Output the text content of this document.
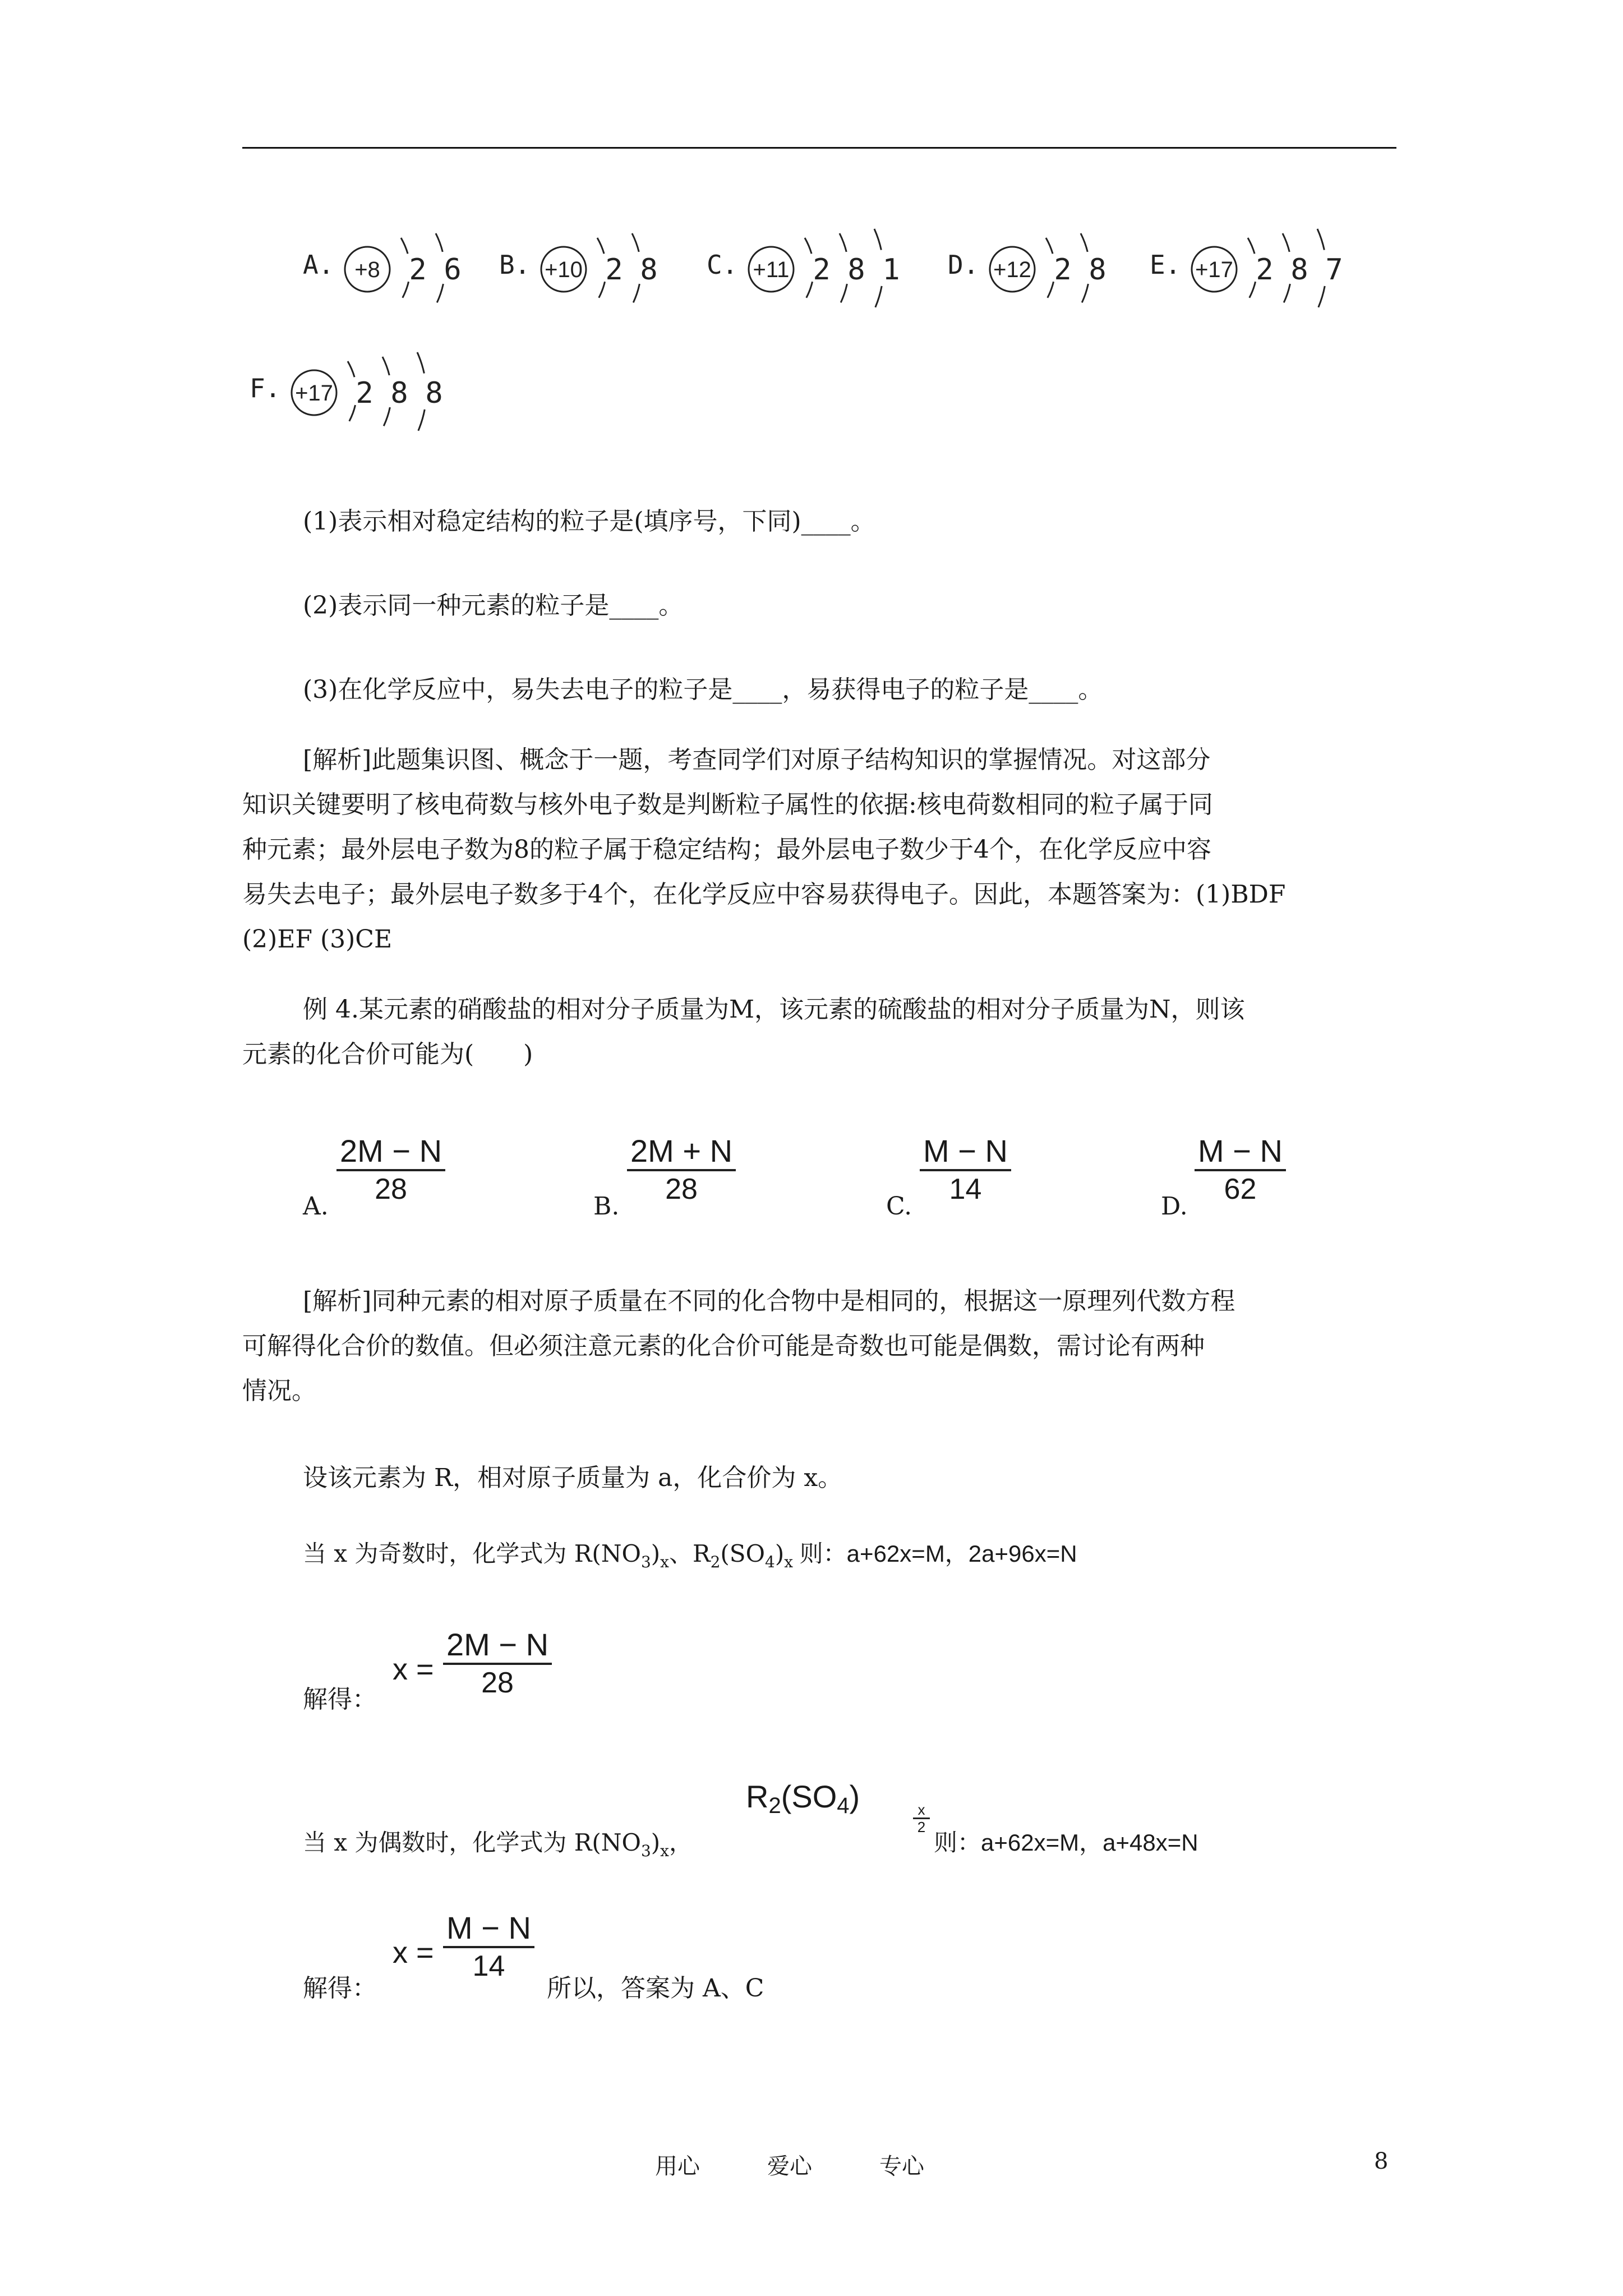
A. +8 2 6 B. +10 2 8 C. +11 2 8 1 D. +12 2 8 E. +17 2 8 7
F. +17 2 8 8
(1)表示相对稳定结构的粒子是(填序号，下同)____。
(2)表示同一种元素的粒子是____。
(3)在化学反应中，易失去电子的粒子是____，易获得电子的粒子是____。
[解析]此题集识图、概念于一题，考查同学们对原子结构知识的掌握情况。对这部分
知识关键要明了核电荷数与核外电子数是判断粒子属性的依据:核电荷数相同的粒子属于同
种元素；最外层电子数为8的粒子属于稳定结构；最外层电子数少于4个，在化学反应中容
易失去电子；最外层电子数多于4个，在化学反应中容易获得电子。因此，本题答案为：(1)BDF
(2)EF (3)CE
例 4.某元素的硝酸盐的相对分子质量为M，该元素的硫酸盐的相对分子质量为N，则该
元素的化合价可能为(　　)
A. $\frac{2M - N}{28}$	B. $\frac{2M + N}{28}$	C. $\frac{M - N}{14}$	D. $\frac{M - N}{62}$
[解析]同种元素的相对原子质量在不同的化合物中是相同的，根据这一原理列代数方程
可解得化合价的数值。但必须注意元素的化合价可能是奇数也可能是偶数，需讨论有两种
情况。
设该元素为 R，相对原子质量为 a，化合价为 x。
当 x 为奇数时，化学式为 $R(NO_3)_x$、$R_2(SO_4)_x$ 则：a+62x=M，2a+96x=N
解得：
$x = \frac{2M - N}{28}$
当 x 为偶数时，化学式为 $R(NO_3)_x$，
R2(SO4)
$\frac{x}{2}$
则：a+62x=M，a+48x=N
解得：
$x = \frac{M - N}{14}$
所以，答案为 A、C
用心	爱心	专心	8
